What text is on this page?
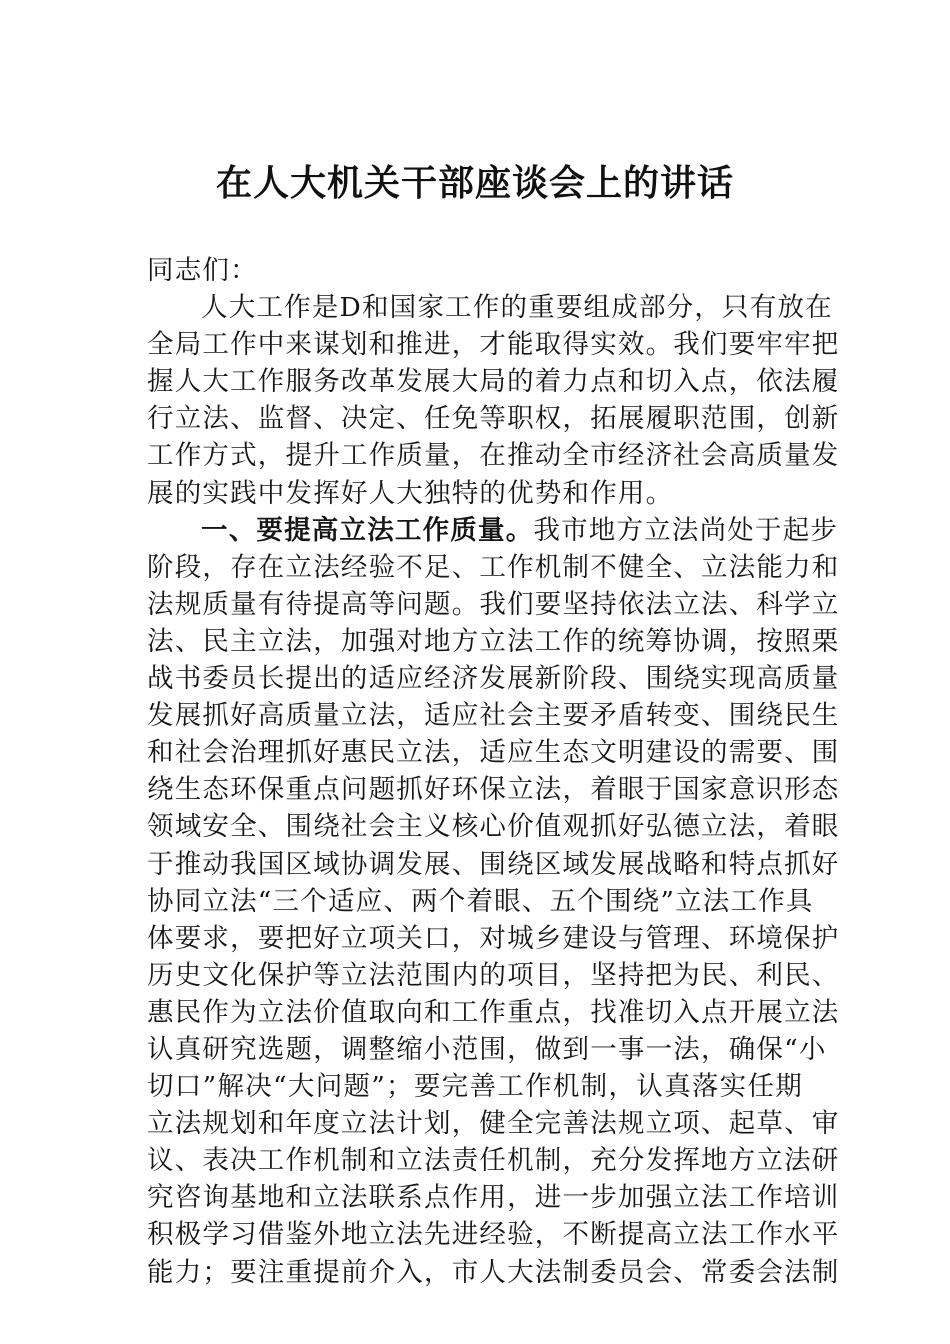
在人大机关干部座谈会上的讲话
同志们：
人大工作是D和国家工作的重要组成部分，只有放在
全局工作中来谋划和推进，才能取得实效。我们要牢牢把
握人大工作服务改革发展大局的着力点和切入点，依法履
行立法、监督、决定、任免等职权，拓展履职范围，创新
工作方式，提升工作质量，在推动全市经济社会高质量发
展的实践中发挥好人大独特的优势和作用。
一、要提高立法工作质量。我市地方立法尚处于起步
阶段，存在立法经验不足、工作机制不健全、立法能力和
法规质量有待提高等问题。我们要坚持依法立法、科学立
法、民主立法，加强对地方立法工作的统筹协调，按照栗
战书委员长提出的适应经济发展新阶段、围绕实现高质量
发展抓好高质量立法，适应社会主要矛盾转变、围绕民生
和社会治理抓好惠民立法，适应生态文明建设的需要、围
绕生态环保重点问题抓好环保立法，着眼于国家意识形态
领域安全、围绕社会主义核心价值观抓好弘德立法，着眼
于推动我国区域协调发展、围绕区域发展战略和特点抓好
协同立法“三个适应、两个着眼、五个围绕”立法工作具
体要求，要把好立项关口，对城乡建设与管理、环境保护
历史文化保护等立法范围内的项目，坚持把为民、利民、
惠民作为立法价值取向和工作重点，找准切入点开展立法
认真研究选题，调整缩小范围，做到一事一法，确保“小
切口”解决“大问题”；要完善工作机制，认真落实任期
立法规划和年度立法计划，健全完善法规立项、起草、审
议、表决工作机制和立法责任机制，充分发挥地方立法研
究咨询基地和立法联系点作用，进一步加强立法工作培训
积极学习借鉴外地立法先进经验，不断提高立法工作水平
能力；要注重提前介入，市人大法制委员会、常委会法制
